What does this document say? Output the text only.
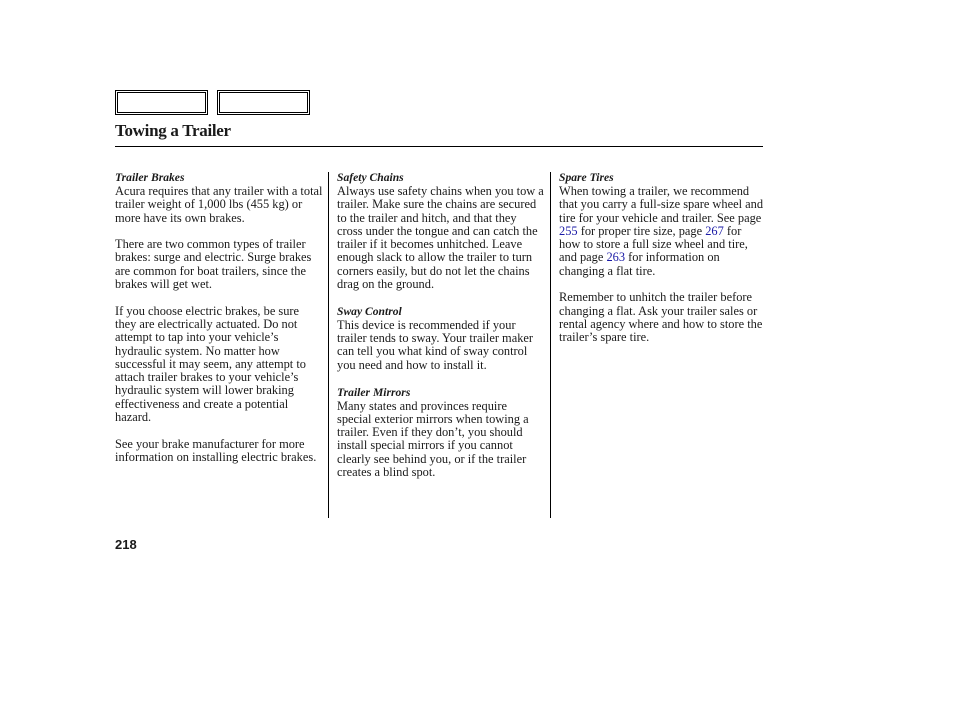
Towing a Trailer
Trailer Brakes

Acura requires that any trailer with a total trailer weight of 1,000 lbs (455 kg) or more have its own brakes.

There are two common types of trailer brakes: surge and electric. Surge brakes are common for boat trailers, since the brakes will get wet.

If you choose electric brakes, be sure they are electrically actuated. Do not attempt to tap into your vehicle’s hydraulic system. No matter how successful it may seem, any attempt to attach trailer brakes to your vehicle’s hydraulic system will lower braking effectiveness and create a potential hazard.

See your brake manufacturer for more information on installing electric brakes.

Safety Chains

Always use safety chains when you tow a trailer. Make sure the chains are secured to the trailer and hitch, and that they cross under the tongue and can catch the trailer if it becomes unhitched. Leave enough slack to allow the trailer to turn corners easily, but do not let the chains drag on the ground.

Sway Control

This device is recommended if your trailer tends to sway. Your trailer maker can tell you what kind of sway control you need and how to install it.

Trailer Mirrors

Many states and provinces require special exterior mirrors when towing a trailer. Even if they don’t, you should install special mirrors if you cannot clearly see behind you, or if the trailer creates a blind spot.

Spare Tires

When towing a trailer, we recommend that you carry a full-size spare wheel and tire for your vehicle and trailer. See page 255 for proper tire size, page 267 for how to store a full size wheel and tire, and page 263 for information on changing a flat tire.

Remember to unhitch the trailer before changing a flat. Ask your trailer sales or rental agency where and how to store the trailer’s spare tire.

218
